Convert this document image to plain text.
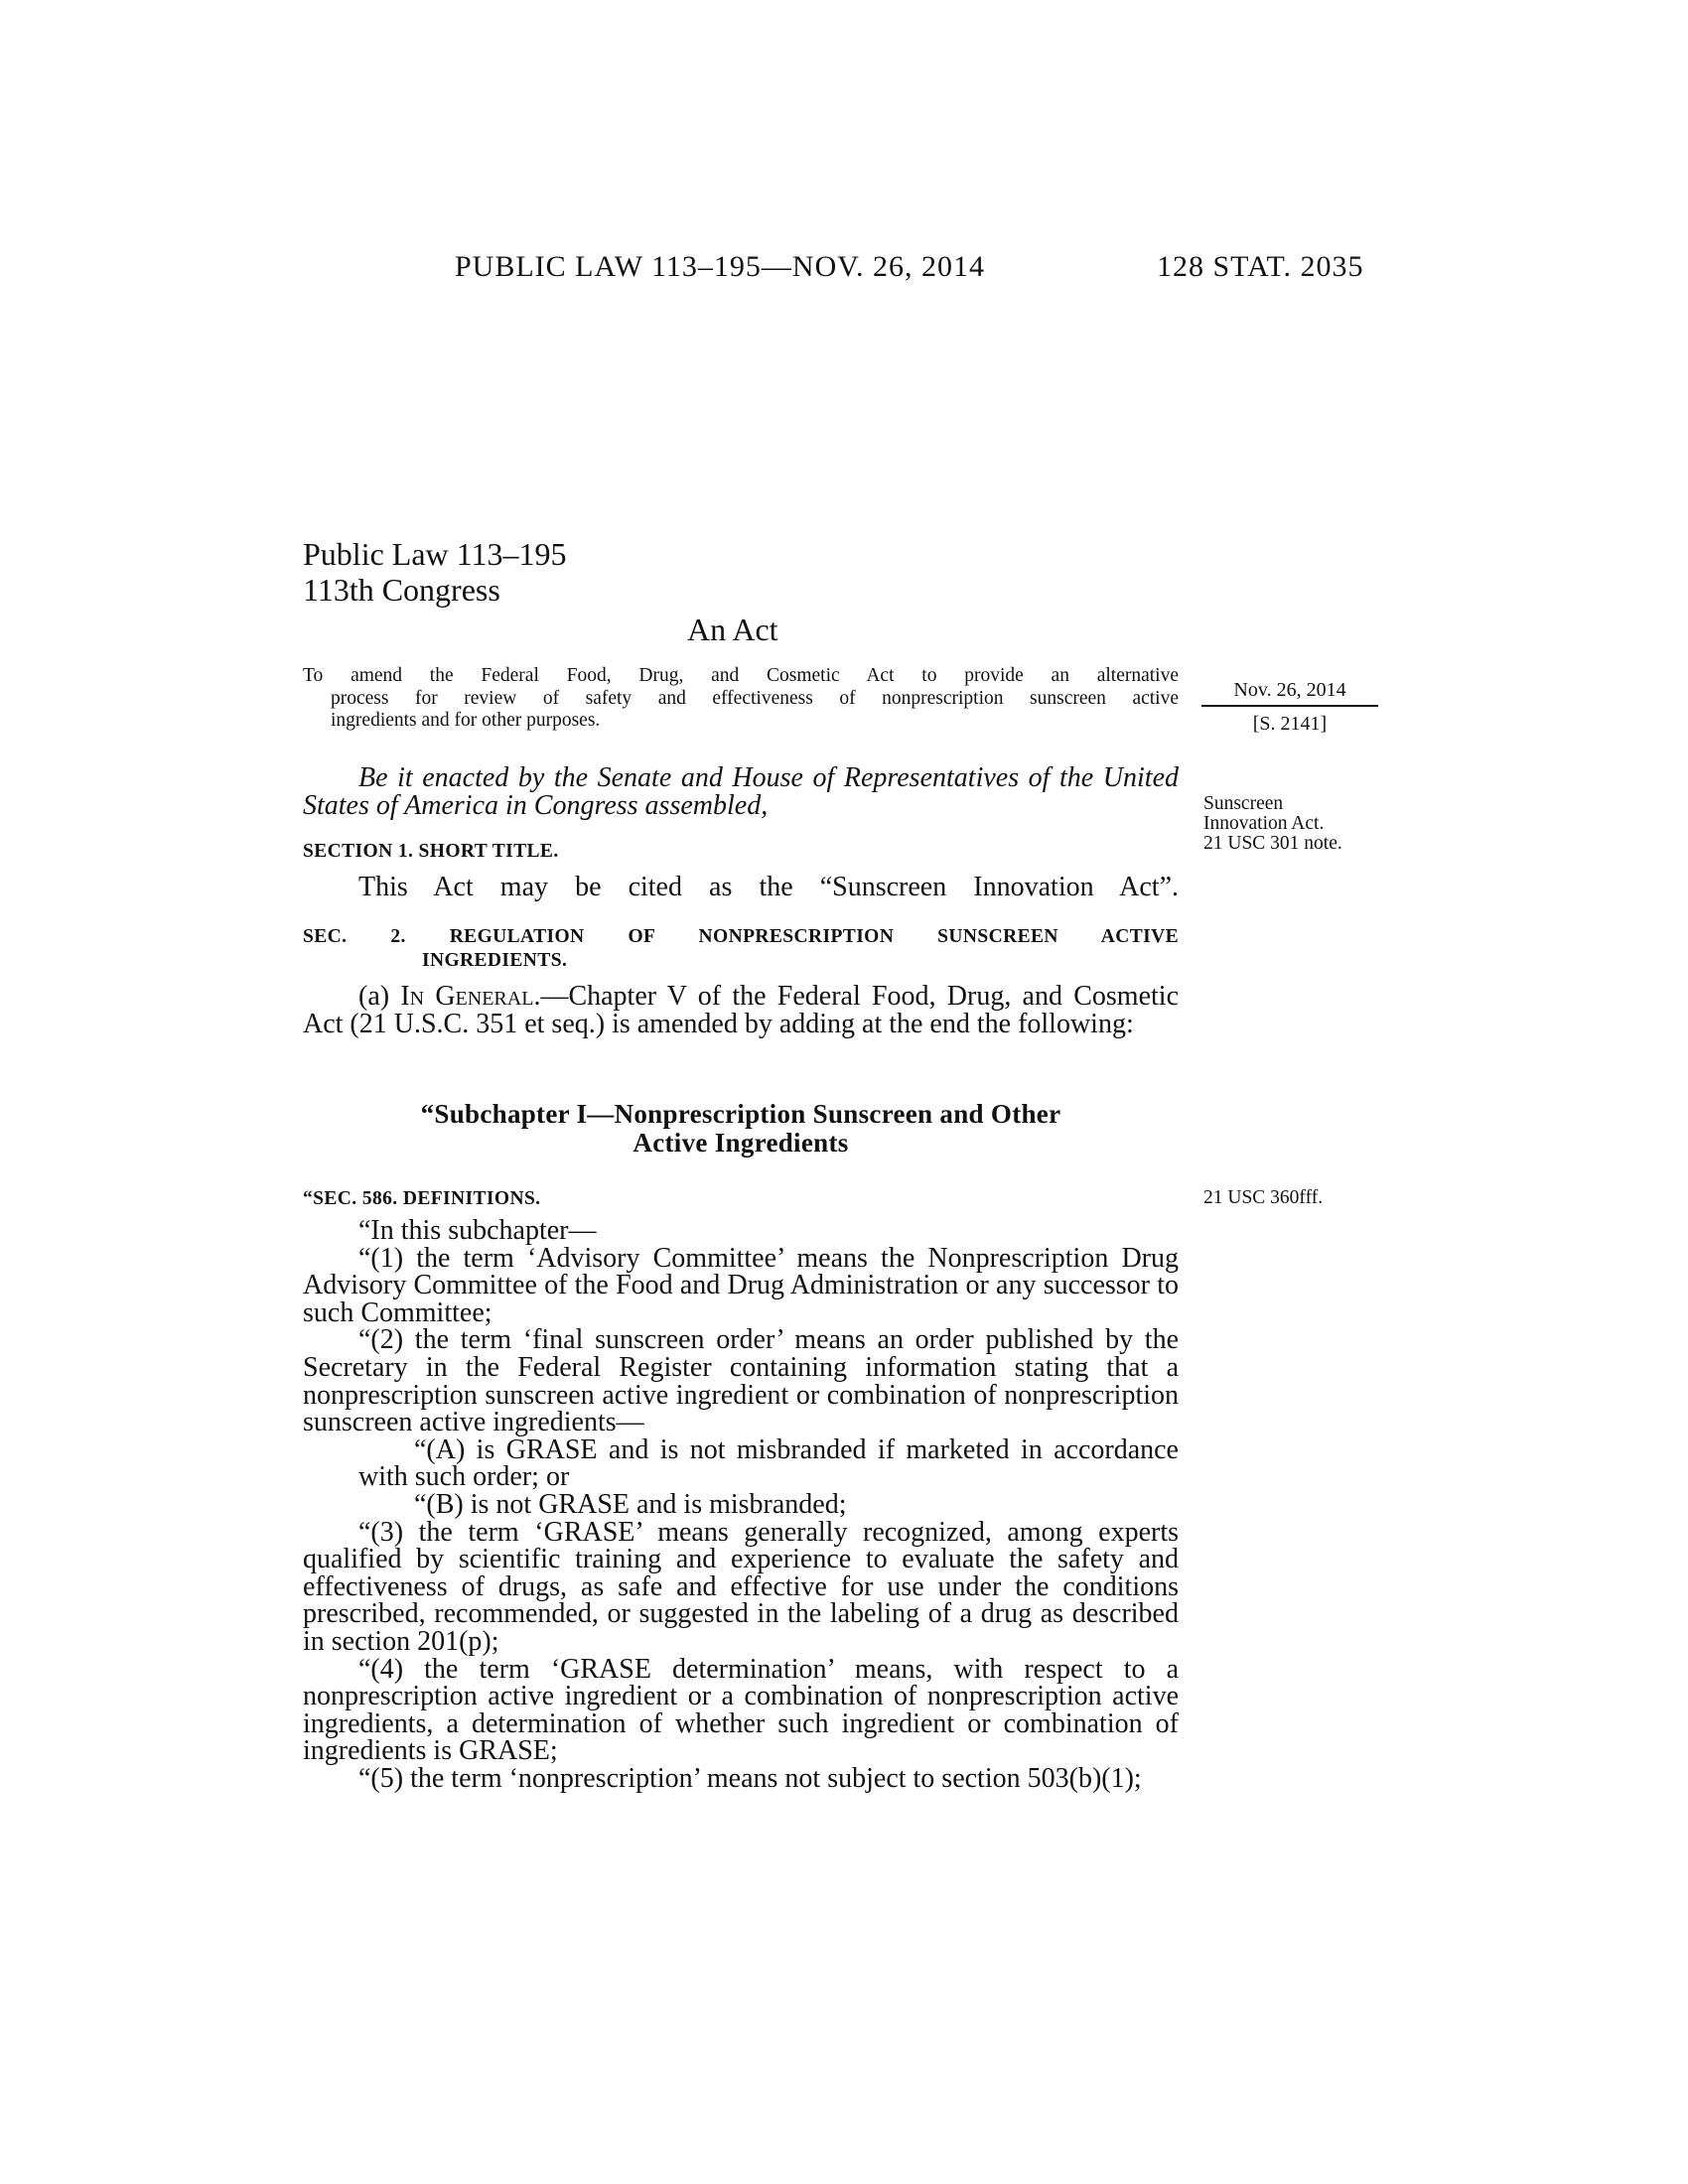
PUBLIC LAW 113–195—NOV. 26, 2014	128 STAT. 2035
Public Law 113–195
113th Congress
An Act
To amend the Federal Food, Drug, and Cosmetic Act to provide an alternative
process for review of safety and effectiveness of nonprescription sunscreen active
ingredients and for other purposes.
Nov. 26, 2014
[S. 2141]
Sunscreen
Innovation Act.
21 USC 301 note.
21 USC 360fff.

Be it enacted by the Senate and House of Representatives of the United States of America in Congress assembled,

SECTION 1. SHORT TITLE.
This Act may be cited as the “Sunscreen Innovation Act”.
SEC. 2. REGULATION OF NONPRESCRIPTION SUNSCREEN ACTIVE
INGREDIENTS.

(a) In General.—Chapter V of the Federal Food, Drug, and Cosmetic Act (21 U.S.C. 351 et seq.) is amended by adding at the end the following:

“Subchapter I—Nonprescription Sunscreen and Other
Active Ingredients
“SEC. 586. DEFINITIONS.

“In this subchapter—

“(1) the term ‘Advisory Committee’ means the Nonprescription Drug Advisory Committee of the Food and Drug Administration or any successor to such Committee;

“(2) the term ‘final sunscreen order’ means an order published by the Secretary in the Federal Register containing information stating that a nonprescription sunscreen active ingredient or combination of nonprescription sunscreen active ingredients—

“(A) is GRASE and is not misbranded if marketed in accordance with such order; or

“(B) is not GRASE and is misbranded;

“(3) the term ‘GRASE’ means generally recognized, among experts qualified by scientific training and experience to evaluate the safety and effectiveness of drugs, as safe and effective for use under the conditions prescribed, recommended, or suggested in the labeling of a drug as described in section 201(p);

“(4) the term ‘GRASE determination’ means, with respect to a nonprescription active ingredient or a combination of nonprescription active ingredients, a determination of whether such ingredient or combination of ingredients is GRASE;

“(5) the term ‘nonprescription’ means not subject to section 503(b)(1);
